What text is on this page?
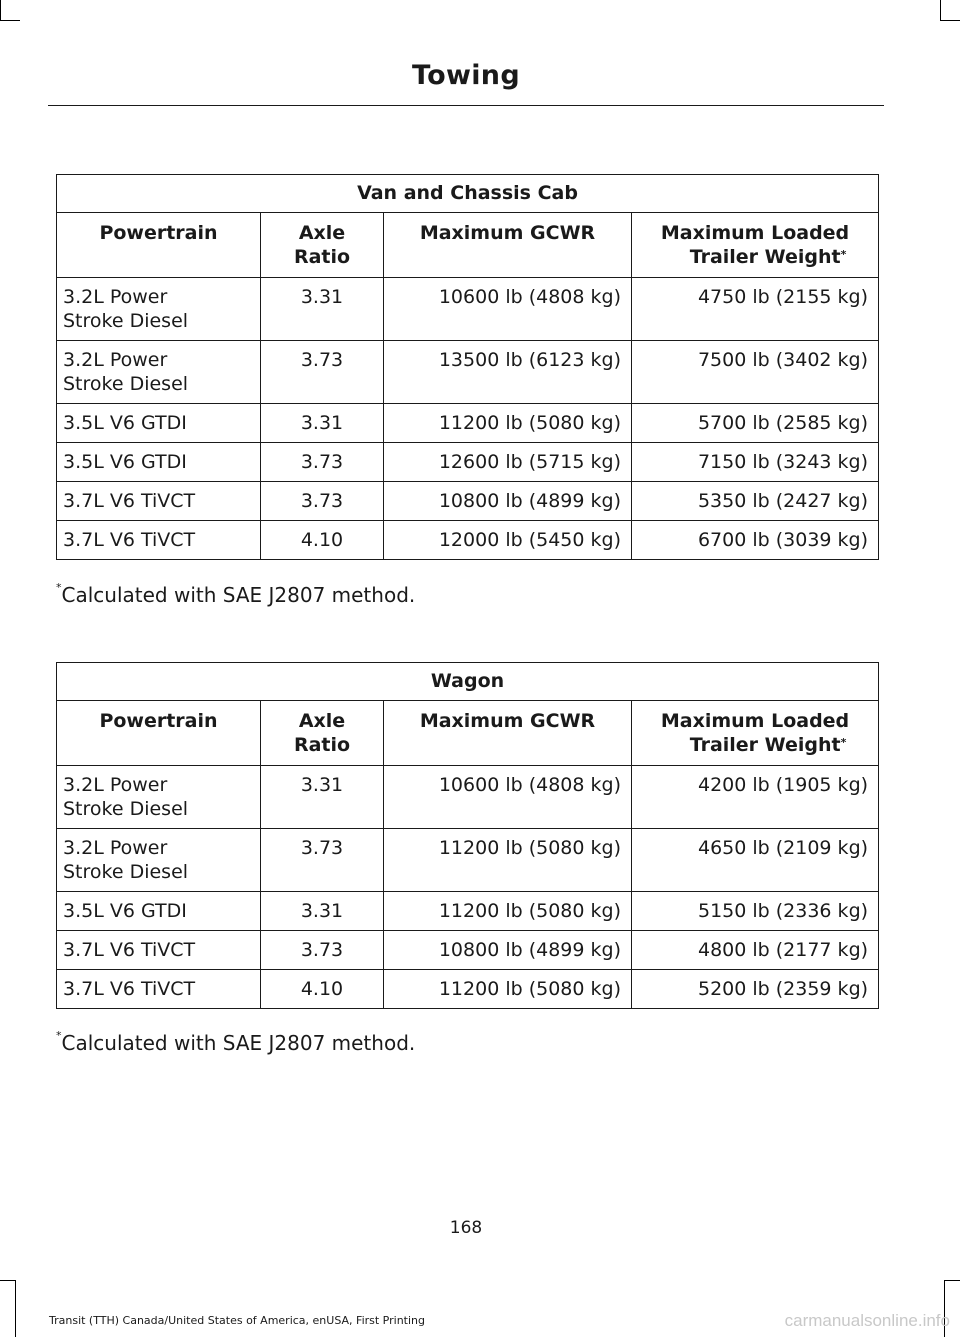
Towing
Van and Chassis Cab			
Powertrain	Axle
Ratio	Maximum GCWR	Maximum Loaded
Trailer Weight*
3.2L Power
Stroke Diesel	3.31	10600 lb (4808 kg)	4750 lb (2155 kg)
3.2L Power
Stroke Diesel	3.73	13500 lb (6123 kg)	7500 lb (3402 kg)
3.5L V6 GTDI	3.31	11200 lb (5080 kg)	5700 lb (2585 kg)
3.5L V6 GTDI	3.73	12600 lb (5715 kg)	7150 lb (3243 kg)
3.7L V6 TiVCT	3.73	10800 lb (4899 kg)	5350 lb (2427 kg)
3.7L V6 TiVCT	4.10	12000 lb (5450 kg)	6700 lb (3039 kg)
*Calculated with SAE J2807 method.
Wagon			
Powertrain	Axle
Ratio	Maximum GCWR	Maximum Loaded
Trailer Weight*
3.2L Power
Stroke Diesel	3.31	10600 lb (4808 kg)	4200 lb (1905 kg)
3.2L Power
Stroke Diesel	3.73	11200 lb (5080 kg)	4650 lb (2109 kg)
3.5L V6 GTDI	3.31	11200 lb (5080 kg)	5150 lb (2336 kg)
3.7L V6 TiVCT	3.73	10800 lb (4899 kg)	4800 lb (2177 kg)
3.7L V6 TiVCT	4.10	11200 lb (5080 kg)	5200 lb (2359 kg)
*Calculated with SAE J2807 method.
168
Transit (TTH) Canada/United States of America, enUSA, First Printing	carmanualsonline.info
